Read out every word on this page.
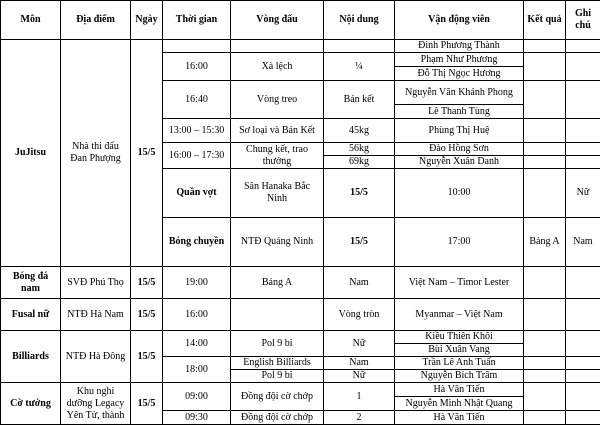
Môn	Địa điểm	Ngày	Thời gian	Vòng đấu	Nội dung	Vận động viên	Kết quả	Ghi chú	
JuJitsu	Nhà thi đấu Đan Phượng	15/5				Đinh Phương Thành			
			16:00	Xà lệch	¼	Phạm Như Phương			
						Đỗ Thị Ngọc Hương			
			16:40	Vòng treo	Bán kết	Nguyễn Văn Khánh Phong			
						Lê Thanh Tùng			
			13:00 – 15:30	Sơ loại và Bán Kết	45kg	Phùng Thị Huệ			
			16:00 – 17:30	Chung kết, trao thưởng	56kg	Đào Hồng Sơn			
					69kg	Nguyễn Xuân Danh			
			Quần vợt	Sân Hanaka Bắc Ninh	15/5	10:00		Nữ			
			Bóng chuyền	NTĐ Quảng Ninh	15/5	17:00	Bảng A	Nam			
Bóng đá nam	SVĐ Phú Thọ	15/5	19:00	Bảng A	Nam	Việt Nam – Timor Lester			
Fusal nữ	NTĐ Hà Nam	15/5	16:00		Vòng tròn	Myanmar – Việt Nam			
Billiards	NTĐ Hà Đông	15/5	14:00	Pol 9 bi	Nữ	Kiều Thiên Khôi			
						Bùi Xuân Vang			
			18:00	English Billiards	Nam	Trần Lê Anh Tuấn			
				Pol 9 bi	Nữ	Nguyễn Bích Trâm			
Cờ tướng	Khu nghỉ dưỡng Legacy Yên Tử, thành	15/5	09:00	Đồng đội cờ chớp	1	Hà Văn Tiến			
						Nguyễn Minh Nhật Quang			
			09:30	Đồng đội cờ chớp	2	Hà Văn Tiến			
